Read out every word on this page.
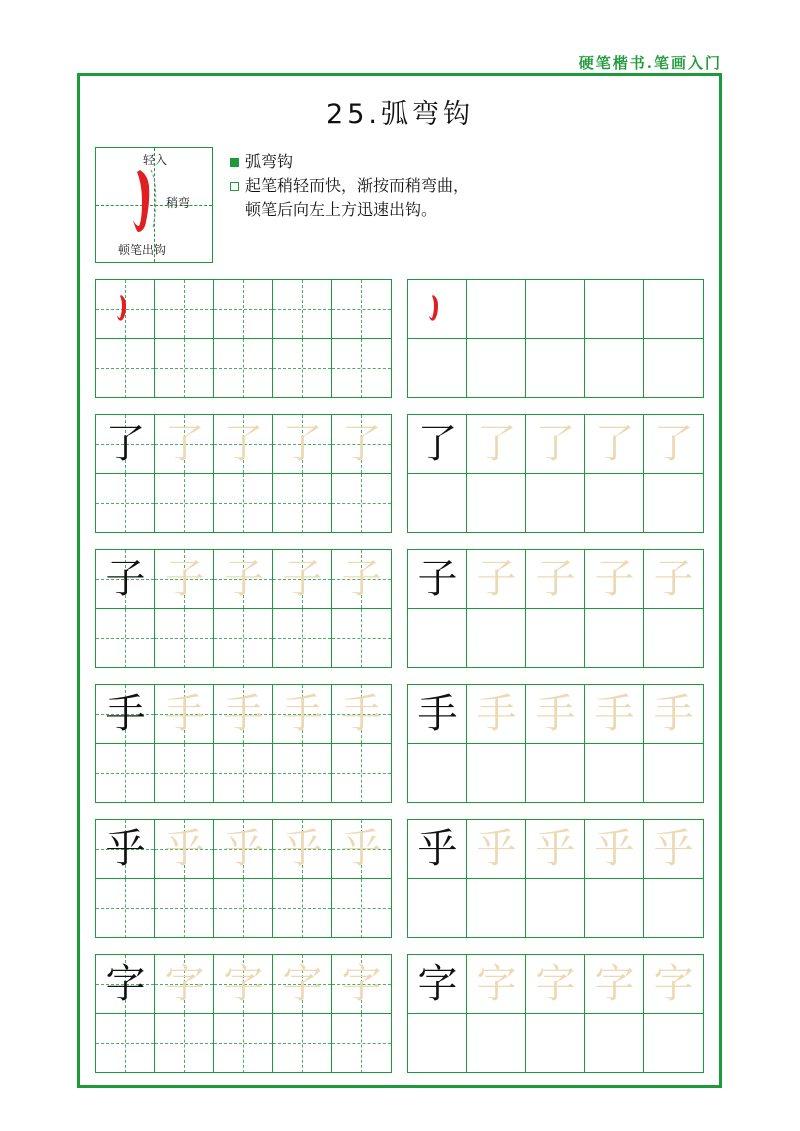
硬笔楷书.笔画入门
25.弧弯钩
轻入
稍弯
顿笔出钩
弧弯钩
起笔稍轻而快，渐按而稍弯曲，
顿笔后向左上方迅速出钩。
了 了 了 了 了 了 了 了 了 了
子 子 子 子 子 子 子 子 子 子
手 手 手 手 手 手 手 手 手 手
乎 乎 乎 乎 乎 乎 乎 乎 乎 乎
字 字 字 字 字 字 字 字 字 字
